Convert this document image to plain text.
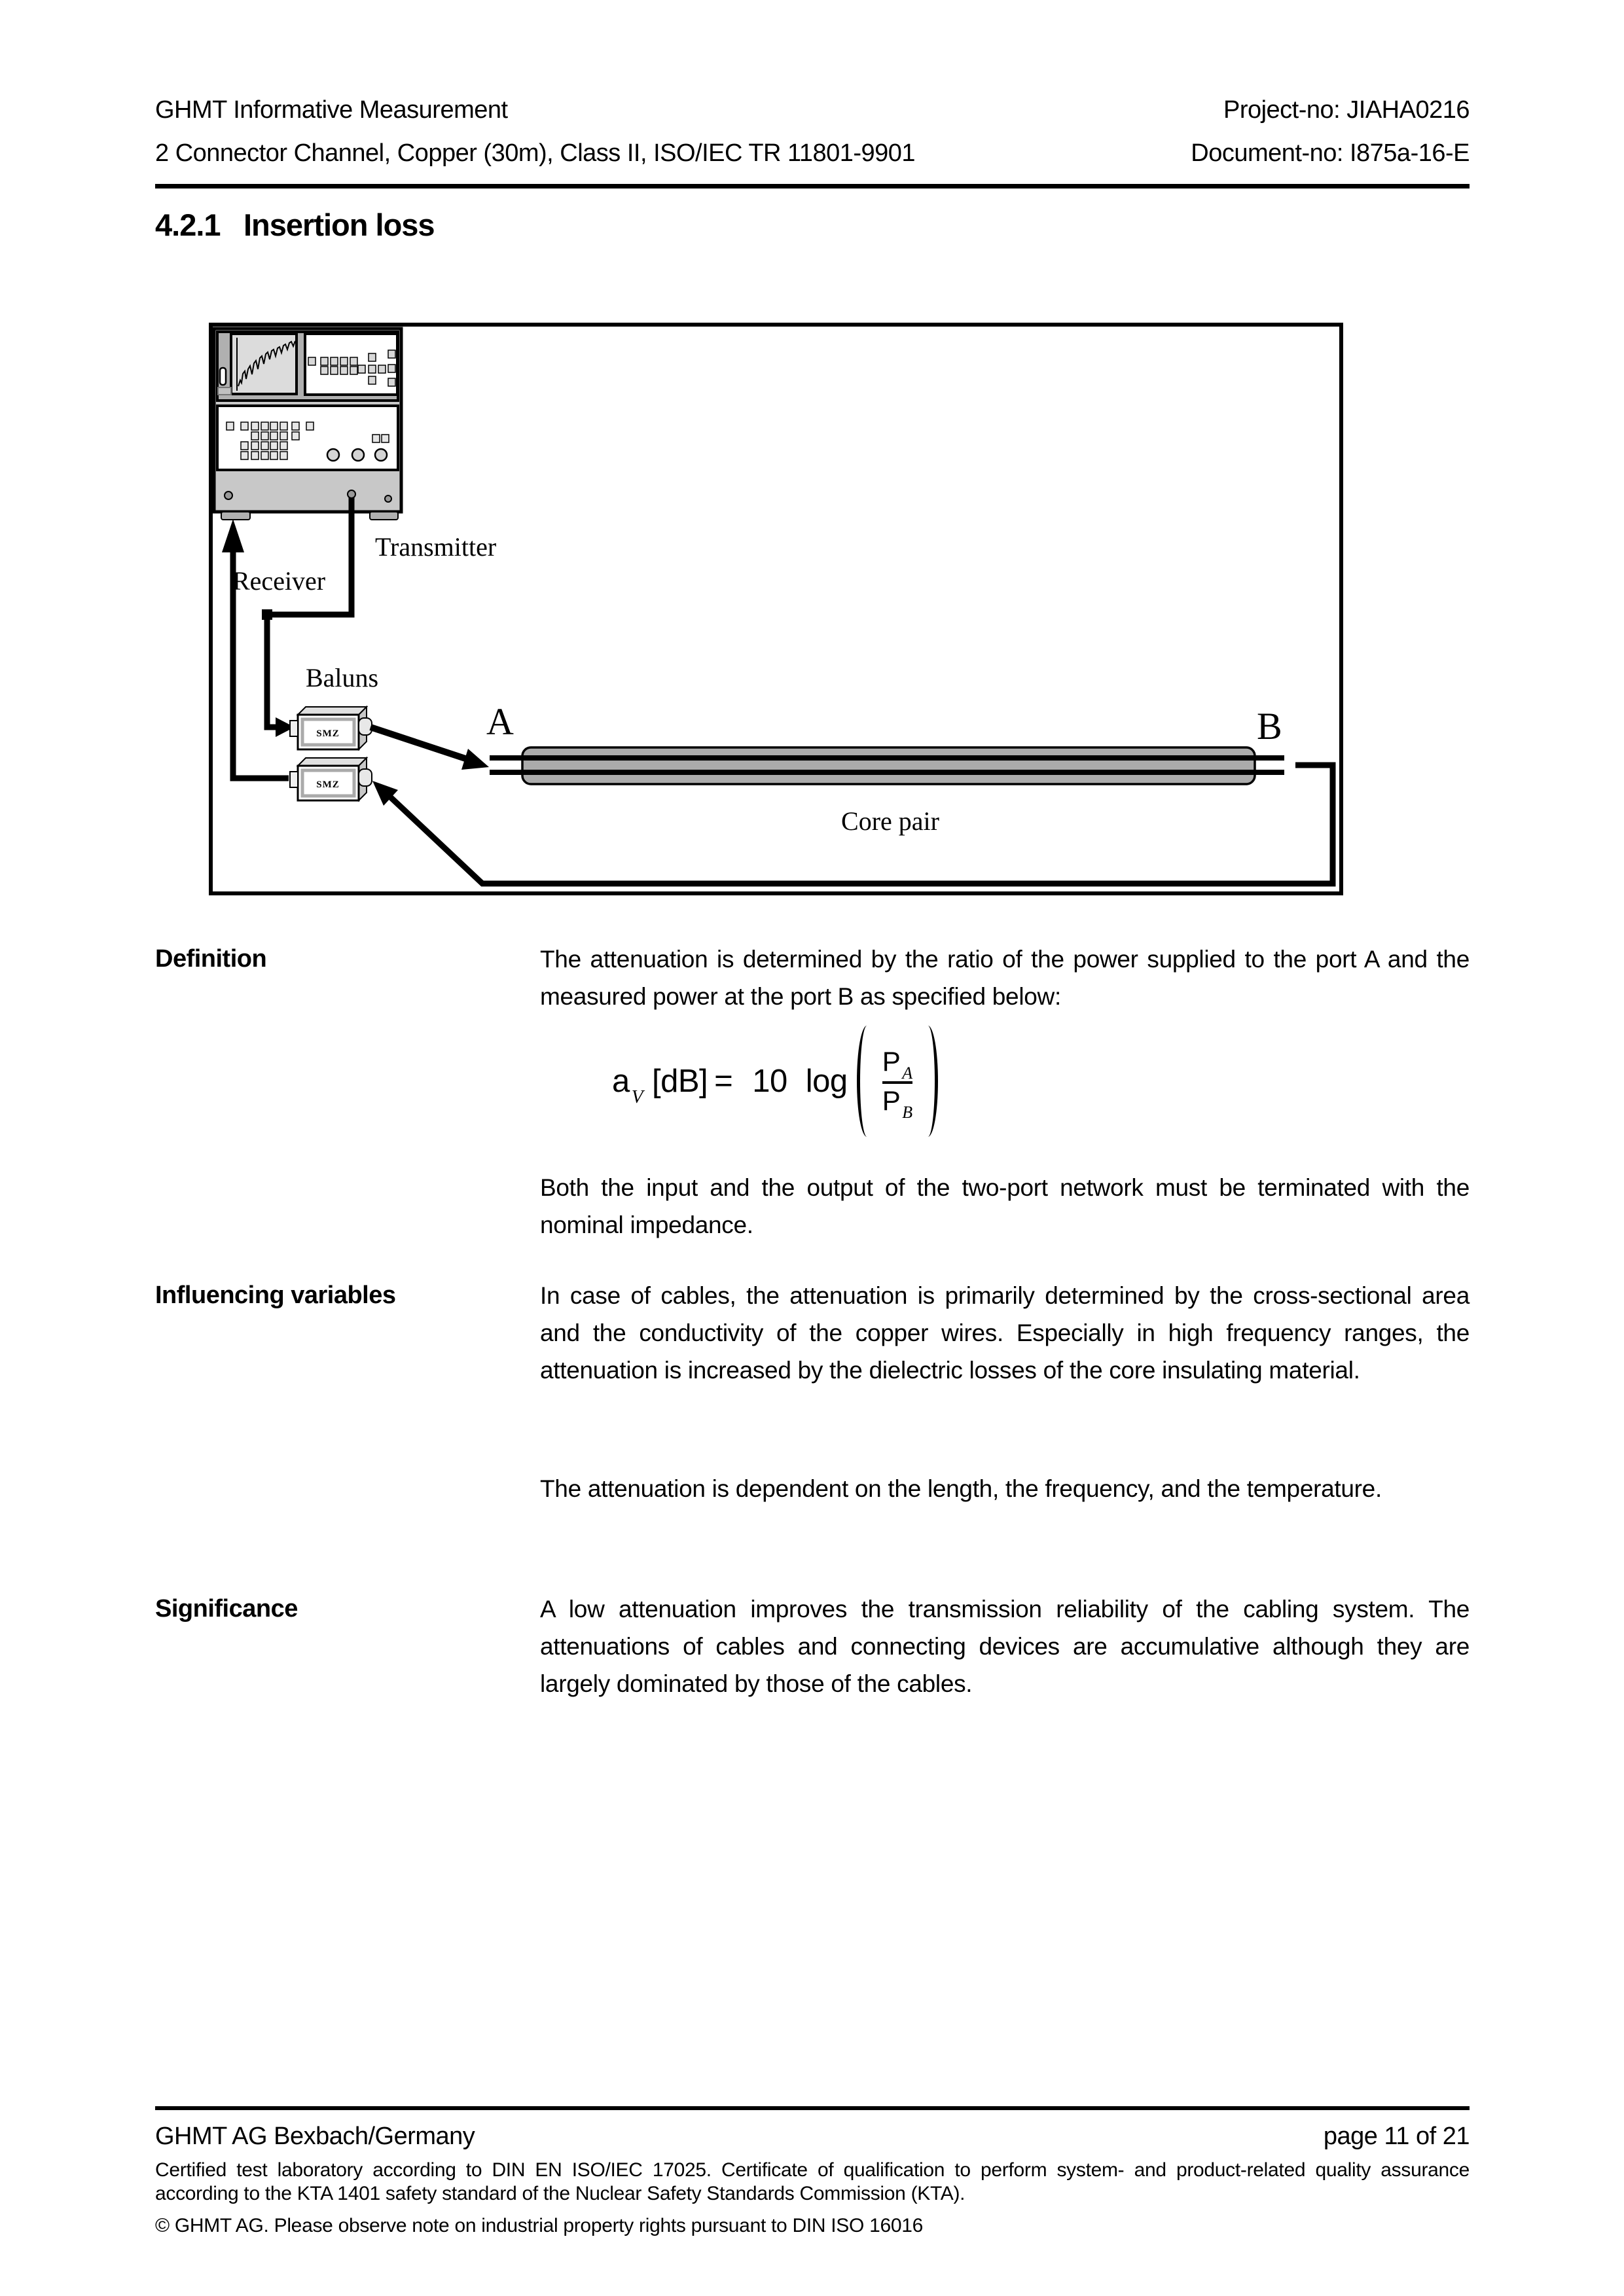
GHMT Informative Measurement	Project-no: JIAHA0216
2 Connector Channel, Copper (30m), Class II, ISO/IEC TR 11801-9901	Document-no: I875a-16-E
4.2.1 Insertion loss
Transmitter
Receiver
Baluns
SMZ
SMZ
A	B
Core pair
Definition	The attenuation is determined by the ratio of the power supplied to the port A and the measured power at the port B as specified below:
a $_V$ [dB] = 10 $\log \frac{P _A}{P _B}$
Both the input and the output of the two-port network must be terminated with the nominal impedance.
Influencing variables	In case of cables, the attenuation is primarily determined by the cross-sectional area and the conductivity of the copper wires. Especially in high frequency ranges, the attenuation is increased by the dielectric losses of the core insulating material.
The attenuation is dependent on the length, the frequency, and the temperature.
Significance	A low attenuation improves the transmission reliability of the cabling system. The attenuations of cables and connecting devices are accumulative although they are largely dominated by those of the cables.
GHMT AG Bexbach/Germany	page 11 of 21
Certified test laboratory according to DIN EN ISO/IEC 17025. Certificate of qualification to perform system- and product-related quality assurance according to the KTA 1401 safety standard of the Nuclear Safety Standards Commission (KTA).
© GHMT AG. Please observe note on industrial property rights pursuant to DIN ISO 16016
